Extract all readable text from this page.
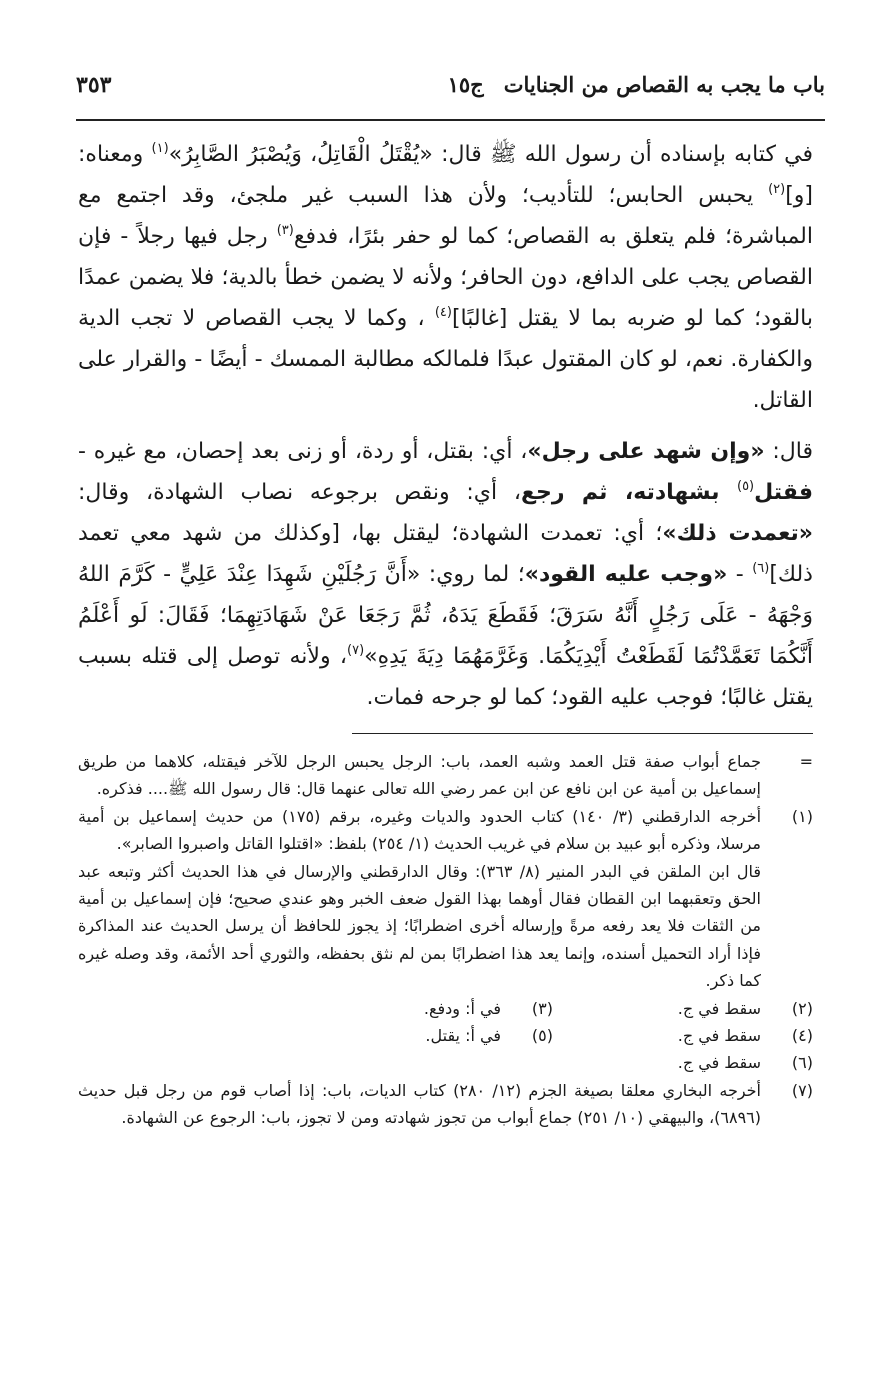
باب ما يجب به القصاص من الجنايات
ج١٥
٣٥٣

في كتابه بإسناده أن رسول الله ﷺ قال: «يُقْتَلُ الْقَاتِلُ، وَيُصْبَرُ الصَّابِرُ»$^{(١)}$ ومعناه: [و]$^{(٢)}$ يحبس الحابس؛ للتأديب؛ ولأن هذا السبب غير ملجئ، وقد اجتمع مع المباشرة؛ فلم يتعلق به القصاص؛ كما لو حفر بئرًا، فدفع$^{(٣)}$ رجل فيها رجلاً - فإن القصاص يجب على الدافع، دون الحافر؛ ولأنه لا يضمن خطأ بالدية؛ فلا يضمن عمدًا بالقود؛ كما لو ضربه بما لا يقتل [غالبًا]$^{(٤)}$ ، وكما لا يجب القصاص لا تجب الدية والكفارة. نعم، لو كان المقتول عبدًا فلمالكه مطالبة الممسك - أيضًا - والقرار على القاتل.

قال: «وإن شهد على رجل»، أي: بقتل، أو ردة، أو زنى بعد إحصان، مع غيره - فقتل$^{(٥)}$ بشهادته، ثم رجع، أي: ونقص برجوعه نصاب الشهادة، وقال: «تعمدت ذلك»؛ أي: تعمدت الشهادة؛ ليقتل بها، [وكذلك من شهد معي تعمد ذلك]$^{(٦)}$ - «وجب عليه القود»؛ لما روي: «أَنَّ رَجُلَيْنِ شَهِدَا عِنْدَ عَلِيٍّ - كَرَّمَ اللهُ وَجْهَهُ - عَلَى رَجُلٍ أَنَّهُ سَرَقَ؛ فَقَطَعَ يَدَهُ، ثُمَّ رَجَعَا عَنْ شَهَادَتِهِمَا؛ فَقَالَ: لَو أَعْلَمُ أَنَّكُمَا تَعَمَّدْتُمَا لَقَطَعْتُ أَيْدِيَكُمَا. وَغَرَّمَهُمَا دِيَةَ يَدِهِ»$^{(٧)}$، ولأنه توصل إلى قتله بسبب يقتل غالبًا؛ فوجب عليه القود؛ كما لو جرحه فمات.

=
جماع أبواب صفة قتل العمد وشبه العمد، باب: الرجل يحبس الرجل للآخر فيقتله، كلاهما من طريق إسماعيل بن أمية عن ابن نافع عن ابن عمر رضي الله تعالى عنهما قال: قال رسول الله ﷺ.... فذكره.
(١)
أخرجه الدارقطني (٣/ ١٤٠) كتاب الحدود والديات وغيره، برقم (١٧٥) من حديث إسماعيل بن أمية مرسلا، وذكره أبو عبيد بن سلام في غريب الحديث (١/ ٢٥٤) بلفظ: «اقتلوا القاتل واصبروا الصابر».
قال ابن الملقن في البدر المنير (٨/ ٣٦٣): وقال الدارقطني والإرسال في هذا الحديث أكثر وتبعه عبد الحق وتعقبهما ابن القطان فقال أوهما بهذا القول ضعف الخبر وهو عندي صحيح؛ فإن إسماعيل بن أمية من الثقات فلا يعد رفعه مرةً وإرساله أخرى اضطرابًا؛ إذ يجوز للحافظ أن يرسل الحديث عند المذاكرة فإذا أراد التحميل أسنده، وإنما يعد هذا اضطرابًا بمن لم نثق بحفظه، والثوري أحد الأئمة، وقد وصله غيره كما ذكر.
(٢)
سقط في ج.
(٣)
في أ: ودفع.
(٤)
سقط في ج.
(٥)
في أ: يقتل.
(٦)
سقط في ج.
(٧)
أخرجه البخاري معلقا بصيغة الجزم (١٢/ ٢٨٠) كتاب الديات، باب: إذا أصاب قوم من رجل قبل حديث (٦٨٩٦)، والبيهقي (١٠/ ٢٥١) جماع أبواب من تجوز شهادته ومن لا تجوز، باب: الرجوع عن الشهادة.
